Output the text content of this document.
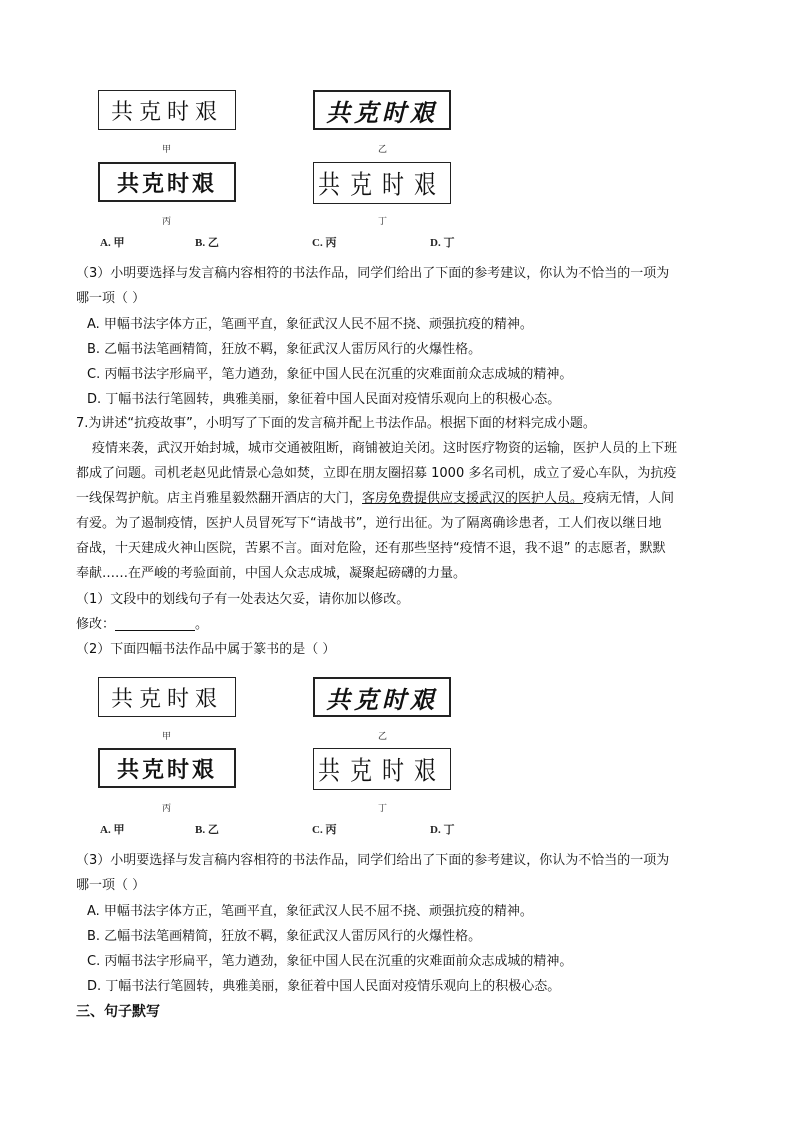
共克时艰
甲
共克时艰
乙
共克时艰
丙
共克时艰
丁
A. 甲	B. 乙	C. 丙	D. 丁
（3）小明要选择与发言稿内容相符的书法作品，同学们给出了下面的参考建议，你认为不恰当的一项为
哪一项（ ）
A. 甲幅书法字体方正，笔画平直，象征武汉人民不屈不挠、顽强抗疫的精神。
B. 乙幅书法笔画精简，狂放不羁，象征武汉人雷厉风行的火爆性格。
C. 丙幅书法字形扁平，笔力遒劲，象征中国人民在沉重的灾难面前众志成城的精神。
D. 丁幅书法行笔圆转，典雅美丽，象征着中国人民面对疫情乐观向上的积极心态。
7.为讲述“抗疫故事”，小明写了下面的发言稿并配上书法作品。根据下面的材料完成小题。
疫情来袭，武汉开始封城，城市交通被阻断，商铺被迫关闭。这时医疗物资的运输，医护人员的上下班
都成了问题。司机老赵见此情景心急如焚，立即在朋友圈招募 1000 多名司机，成立了爱心车队，为抗疫
一线保驾护航。店主肖雅星毅然翻开酒店的大门，客房免费提供应支援武汉的医护人员。疫病无情，人间
有爱。为了遏制疫情，医护人员冒死写下“请战书”，逆行出征。为了隔离确诊患者，工人们夜以继日地
奋战，十天建成火神山医院，苦累不言。面对危险，还有那些坚持“疫情不退，我不退” 的志愿者，默默
奉献……在严峻的考验面前，中国人众志成城，凝聚起磅礴的力量。
（1）文段中的划线句子有一处表达欠妥，请你加以修改。
修改：	。
（2）下面四幅书法作品中属于篆书的是（ ）
共克时艰
甲
共克时艰
乙
共克时艰
丙
共克时艰
丁
A. 甲	B. 乙	C. 丙	D. 丁
（3）小明要选择与发言稿内容相符的书法作品，同学们给出了下面的参考建议，你认为不恰当的一项为
哪一项（ ）
A. 甲幅书法字体方正，笔画平直，象征武汉人民不屈不挠、顽强抗疫的精神。
B. 乙幅书法笔画精简，狂放不羁，象征武汉人雷厉风行的火爆性格。
C. 丙幅书法字形扁平，笔力遒劲，象征中国人民在沉重的灾难面前众志成城的精神。
D. 丁幅书法行笔圆转，典雅美丽，象征着中国人民面对疫情乐观向上的积极心态。
三、句子默写
